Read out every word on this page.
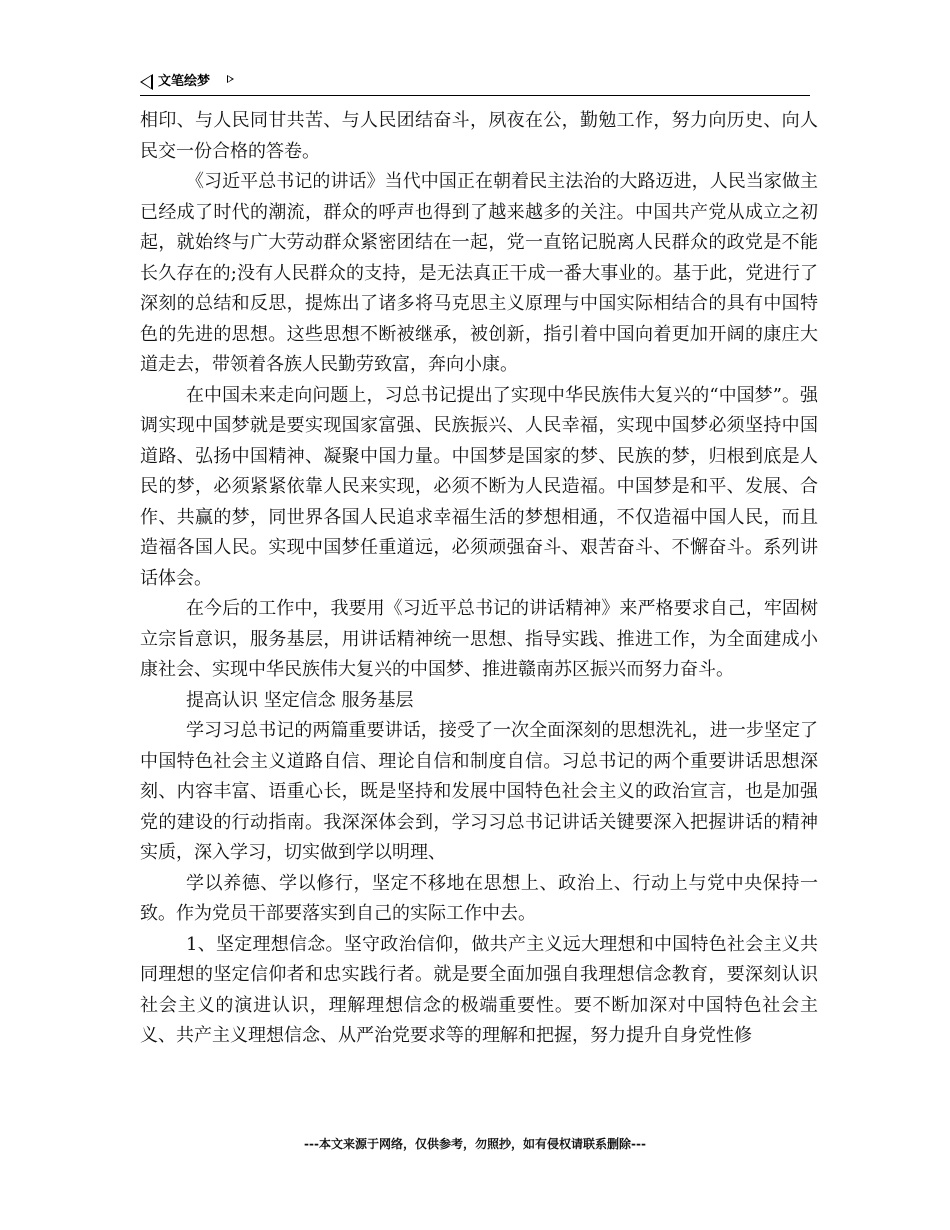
文笔绘梦

相印、与人民同甘共苦、与人民团结奋斗，夙夜在公，勤勉工作，努力向历史、向人民交一份合格的答卷。

《习近平总书记的讲话》当代中国正在朝着民主法治的大路迈进，人民当家做主已经成了时代的潮流，群众的呼声也得到了越来越多的关注。中国共产党从成立之初起，就始终与广大劳动群众紧密团结在一起，党一直铭记脱离人民群众的政党是不能长久存在的;没有人民群众的支持，是无法真正干成一番大事业的。基于此，党进行了深刻的总结和反思，提炼出了诸多将马克思主义原理与中国实际相结合的具有中国特色的先进的思想。这些思想不断被继承，被创新，指引着中国向着更加开阔的康庄大道走去，带领着各族人民勤劳致富，奔向小康。

在中国未来走向问题上，习总书记提出了实现中华民族伟大复兴的“中国梦”。强调实现中国梦就是要实现国家富强、民族振兴、人民幸福，实现中国梦必须坚持中国道路、弘扬中国精神、凝聚中国力量。中国梦是国家的梦、民族的梦，归根到底是人民的梦，必须紧紧依靠人民来实现，必须不断为人民造福。中国梦是和平、发展、合作、共赢的梦，同世界各国人民追求幸福生活的梦想相通，不仅造福中国人民，而且造福各国人民。实现中国梦任重道远，必须顽强奋斗、艰苦奋斗、不懈奋斗。系列讲话体会。

在今后的工作中，我要用《习近平总书记的讲话精神》来严格要求自己，牢固树立宗旨意识，服务基层，用讲话精神统一思想、指导实践、推进工作，为全面建成小康社会、实现中华民族伟大复兴的中国梦、推进赣南苏区振兴而努力奋斗。

提高认识 坚定信念 服务基层

学习习总书记的两篇重要讲话，接受了一次全面深刻的思想洗礼，进一步坚定了中国特色社会主义道路自信、理论自信和制度自信。习总书记的两个重要讲话思想深刻、内容丰富、语重心长，既是坚持和发展中国特色社会主义的政治宣言，也是加强党的建设的行动指南。我深深体会到，学习习总书记讲话关键要深入把握讲话的精神实质，深入学习，切实做到学以明理、

学以养德、学以修行，坚定不移地在思想上、政治上、行动上与党中央保持一致。作为党员干部要落实到自己的实际工作中去。

1、坚定理想信念。坚守政治信仰，做共产主义远大理想和中国特色社会主义共同理想的坚定信仰者和忠实践行者。就是要全面加强自我理想信念教育，要深刻认识社会主义的演进认识，理解理想信念的极端重要性。要不断加深对中国特色社会主义、共产主义理想信念、从严治党要求等的理解和把握，努力提升自身党性修

---本文来源于网络，仅供参考，勿照抄，如有侵权请联系删除---
